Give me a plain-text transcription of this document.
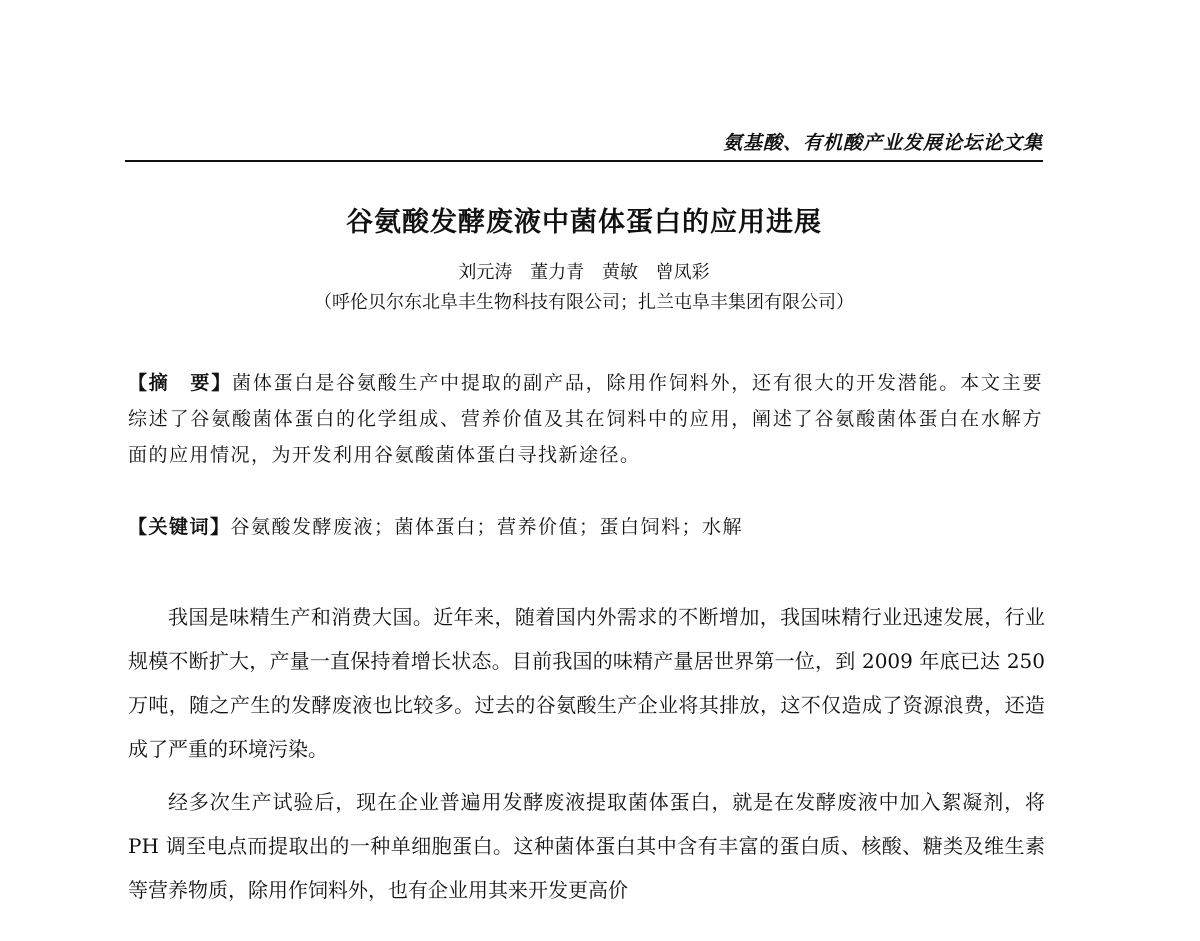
氨基酸、有机酸产业发展论坛论文集
谷氨酸发酵废液中菌体蛋白的应用进展
刘元涛 董力青 黄敏 曾凤彩
（呼伦贝尔东北阜丰生物科技有限公司；扎兰屯阜丰集团有限公司）
【摘　要】菌体蛋白是谷氨酸生产中提取的副产品，除用作饲料外，还有很大的开发潜能。本文主要综述了谷氨酸菌体蛋白的化学组成、营养价值及其在饲料中的应用，阐述了谷氨酸菌体蛋白在水解方面的应用情况，为开发利用谷氨酸菌体蛋白寻找新途径。
【关键词】谷氨酸发酵废液；菌体蛋白；营养价值；蛋白饲料；水解

我国是味精生产和消费大国。近年来，随着国内外需求的不断增加，我国味精行业迅速发展，行业规模不断扩大，产量一直保持着增长状态。目前我国的味精产量居世界第一位，到 2009 年底已达 250 万吨，随之产生的发酵废液也比较多。过去的谷氨酸生产企业将其排放，这不仅造成了资源浪费，还造成了严重的环境污染。

经多次生产试验后，现在企业普遍用发酵废液提取菌体蛋白，就是在发酵废液中加入絮凝剂，将 PH 调至电点而提取出的一种单细胞蛋白。这种菌体蛋白其中含有丰富的蛋白质、核酸、糖类及维生素等营养物质，除用作饲料外，也有企业用其来开发更高价
